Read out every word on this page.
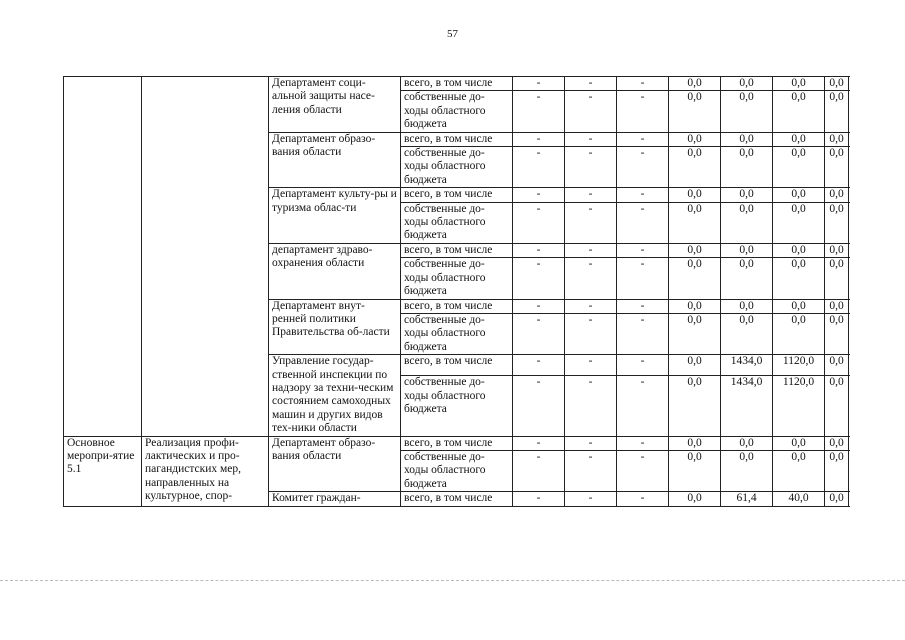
57
		Департамент соци-альной защиты насе-ления области	всего, в том числе	-	-	-	0,0	0,0	0,0	0,0
			собственные до-ходы областного бюджета	-	-	-	0,0	0,0	0,0	0,0
		Департамент образо-вания области	всего, в том числе	-	-	-	0,0	0,0	0,0	0,0
			собственные до-ходы областного бюджета	-	-	-	0,0	0,0	0,0	0,0
		Департамент культу-ры и туризма облас-ти	всего, в том числе	-	-	-	0,0	0,0	0,0	0,0
			собственные до-ходы областного бюджета	-	-	-	0,0	0,0	0,0	0,0
		департамент здраво-охранения области	всего, в том числе	-	-	-	0,0	0,0	0,0	0,0
			собственные до-ходы областного бюджета	-	-	-	0,0	0,0	0,0	0,0
		Департамент внут-ренней политики Правительства об-ласти	всего, в том числе	-	-	-	0,0	0,0	0,0	0,0
			собственные до-ходы областного бюджета	-	-	-	0,0	0,0	0,0	0,0
		Управление государ-ственной инспекции по надзору за техни-ческим состоянием самоходных машин и других видов тех-ники области	всего, в том числе	-	-	-	0,0	1434,0	1120,0	0,0
			собственные до-ходы областного бюджета	-	-	-	0,0	1434,0	1120,0	0,0
Основное меропри-ятие 5.1	Реализация профи-лактических и про-пагандистских мер, направленных на культурное, спор-	Департамент образо-вания области	всего, в том числе	-	-	-	0,0	0,0	0,0	0,0
			собственные до-ходы областного бюджета	-	-	-	0,0	0,0	0,0	0,0
		Комитет граждан-	всего, в том числе	-	-	-	0,0	61,4	40,0	0,0
